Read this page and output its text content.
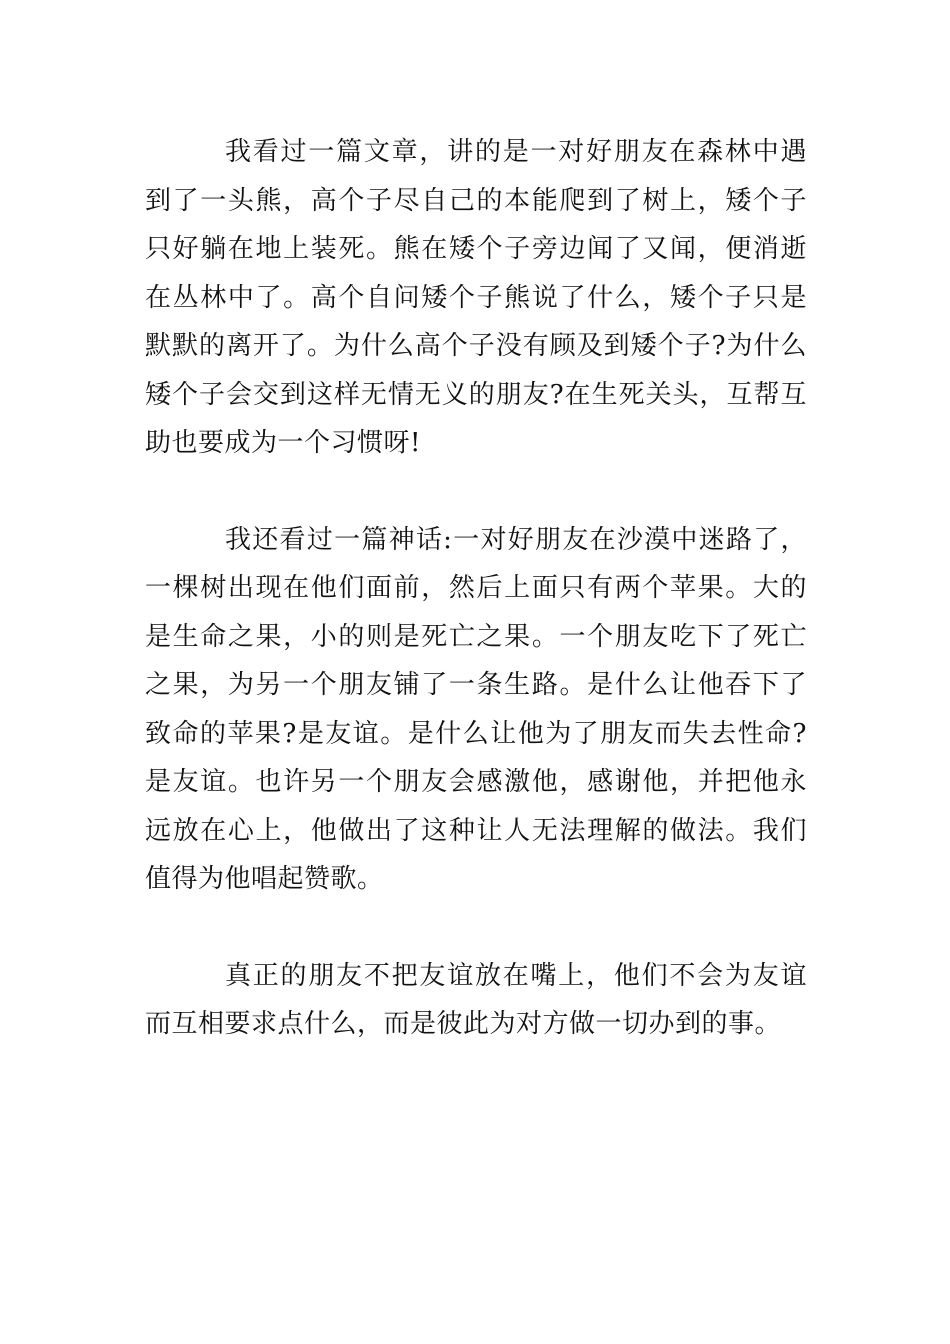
我看过一篇文章，讲的是一对好朋友在森林中遇到了一头熊，高个子尽自己的本能爬到了树上，矮个子只好躺在地上装死。熊在矮个子旁边闻了又闻，便消逝在丛林中了。高个自问矮个子熊说了什么，矮个子只是默默的离开了。为什么高个子没有顾及到矮个子?为什么矮个子会交到这样无情无义的朋友?在生死关头，互帮互助也要成为一个习惯呀!

我还看过一篇神话:一对好朋友在沙漠中迷路了，一棵树出现在他们面前，然后上面只有两个苹果。大的是生命之果，小的则是死亡之果。一个朋友吃下了死亡之果，为另一个朋友铺了一条生路。是什么让他吞下了致命的苹果?是友谊。是什么让他为了朋友而失去性命?是友谊。也许另一个朋友会感激他，感谢他，并把他永远放在心上，他做出了这种让人无法理解的做法。我们值得为他唱起赞歌。

真正的朋友不把友谊放在嘴上，他们不会为友谊而互相要求点什么，而是彼此为对方做一切办到的事。
